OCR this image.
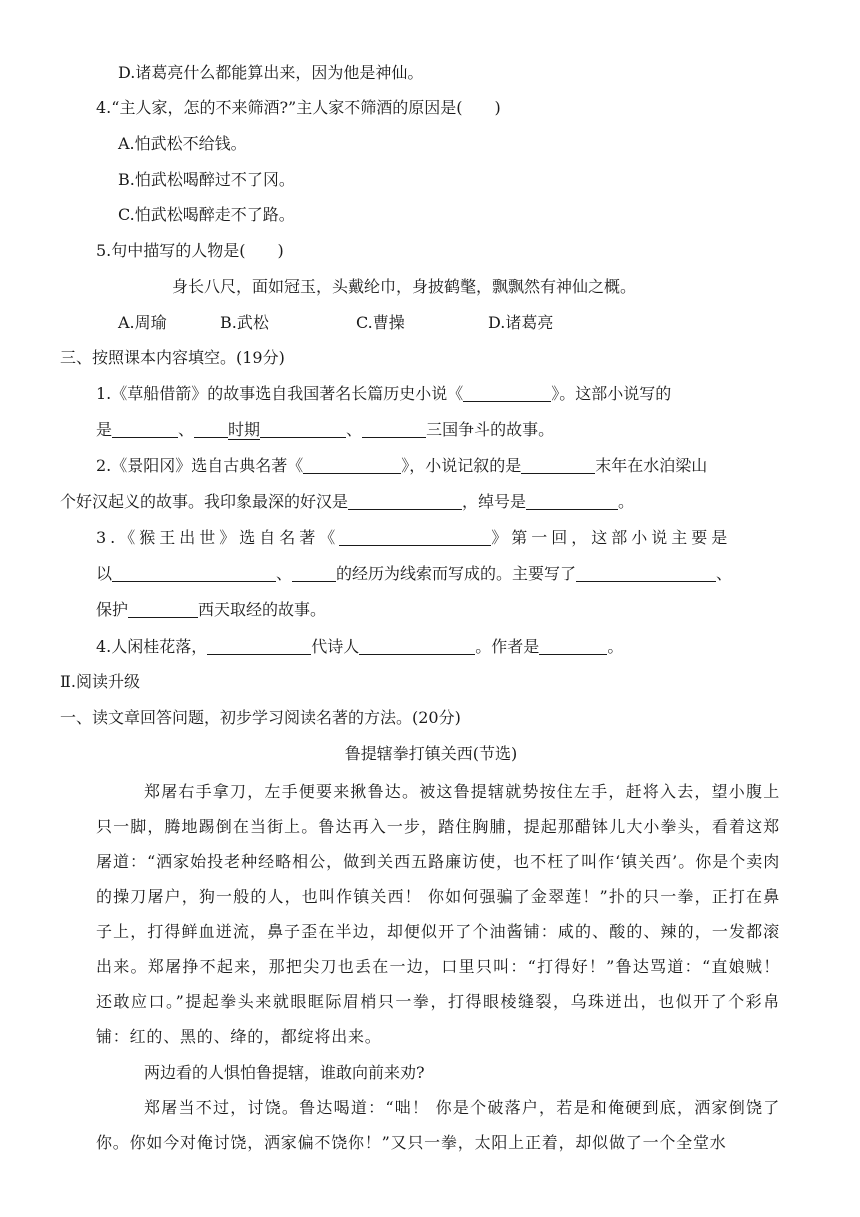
D.诸葛亮什么都能算出来，因为他是神仙。
4.“主人家，怎的不来筛酒?”主人家不筛酒的原因是(　　)
A.怕武松不给钱。
B.怕武松喝醉过不了冈。
C.怕武松喝醉走不了路。
5.句中描写的人物是(　　)
身长八尺，面如冠玉，头戴纶巾，身披鹤氅，飘飘然有神仙之概。
A.周瑜	B.武松	C.曹操	D.诸葛亮
三、按照课本内容填空。(19分)
1.《草船借箭》的故事选自我国著名长篇历史小说《	》。这部小说写的
是	、 时期	、	三国争斗的故事。
2.《景阳冈》选自古典名著《	》，小说记叙的是	末年在水泊梁山
个好汉起义的故事。我印象最深的好汉是	，绰号是	。
3.《猴王出世》选自名著《	》第一回，这部小说主要是
以	、	的经历为线索而写成的。主要写了	、
保护	西天取经的故事。
4.人闲桂花落，	代诗人	。作者是	。
Ⅱ.阅读升级
一、读文章回答问题，初步学习阅读名著的方法。(20分)
鲁提辖拳打镇关西(节选)
郑屠右手拿刀，左手便要来揪鲁达。被这鲁提辖就势按住左手，赶将入去，望小腹上只一脚，腾地踢倒在当街上。鲁达再入一步，踏住胸脯，提起那醋钵儿大小拳头，看着这郑屠道：“洒家始投老种经略相公，做到关西五路廉访使，也不枉了叫作‘镇关西’。你是个卖肉的操刀屠户，狗一般的人，也叫作镇关西！ 你如何强骗了金翠莲！”扑的只一拳，正打在鼻子上，打得鲜血迸流，鼻子歪在半边，却便似开了个油酱铺：咸的、酸的、辣的，一发都滚出来。郑屠挣不起来，那把尖刀也丢在一边，口里只叫：“打得好！”鲁达骂道：“直娘贼！ 还敢应口。”提起拳头来就眼眶际眉梢只一拳，打得眼棱缝裂，乌珠迸出，也似开了个彩帛铺：红的、黑的、绛的，都绽将出来。
两边看的人惧怕鲁提辖，谁敢向前来劝?
郑屠当不过，讨饶。鲁达喝道：“咄！ 你是个破落户，若是和俺硬到底，洒家倒饶了你。你如今对俺讨饶，洒家偏不饶你！”又只一拳，太阳上正着，却似做了一个全堂水
